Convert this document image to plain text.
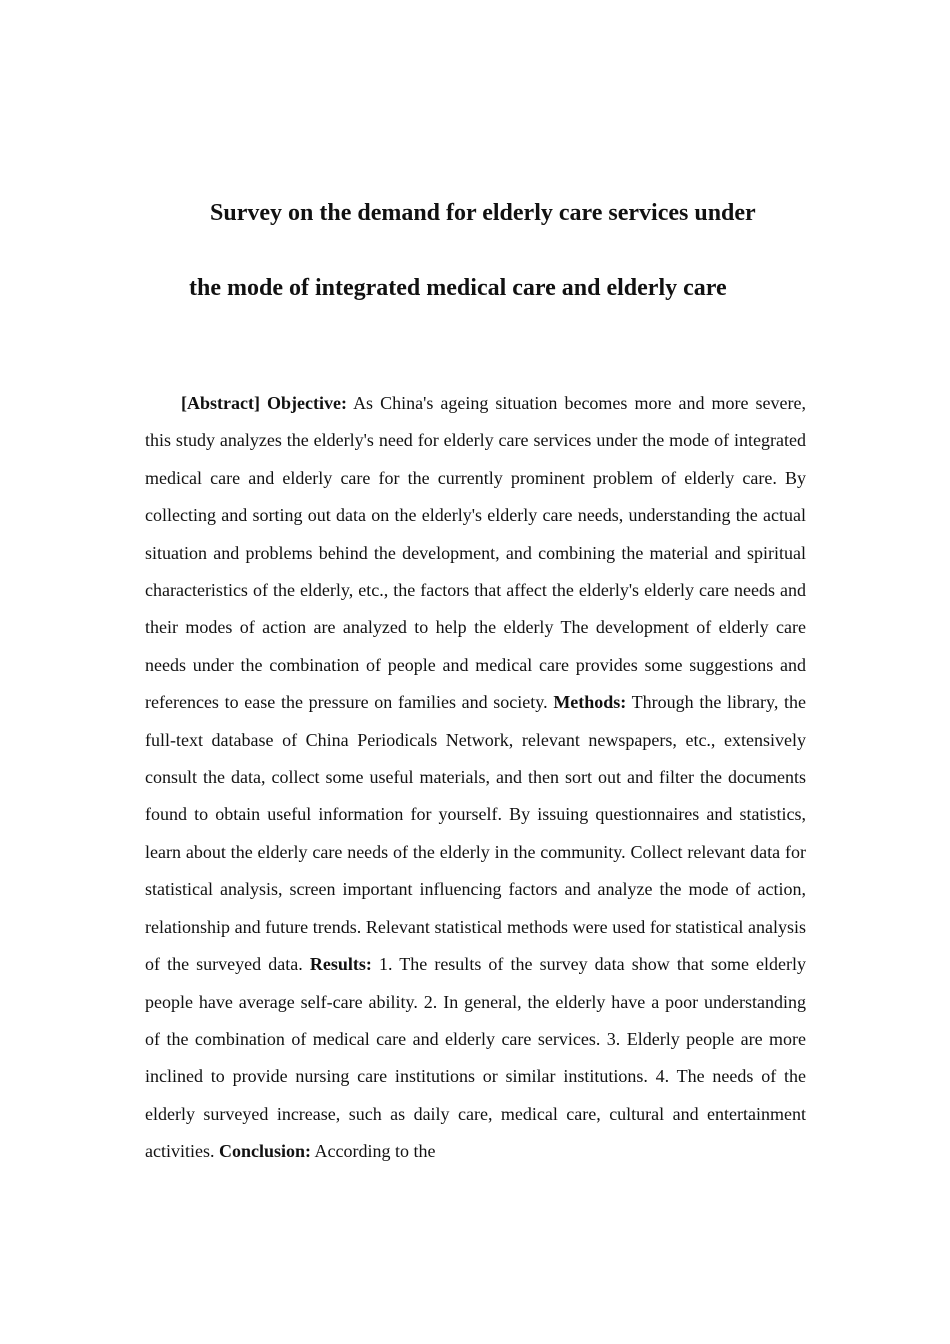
Survey on the demand for elderly care services under
the mode of integrated medical care and elderly care

[Abstract] Objective: As China's ageing situation becomes more and more severe, this study analyzes the elderly's need for elderly care services under the mode of integrated medical care and elderly care for the currently prominent problem of elderly care. By collecting and sorting out data on the elderly's elderly care needs, understanding the actual situation and problems behind the development, and combining the material and spiritual characteristics of the elderly, etc., the factors that affect the elderly's elderly care needs and their modes of action are analyzed to help the elderly The development of elderly care needs under the combination of people and medical care provides some suggestions and references to ease the pressure on families and society. Methods: Through the library, the full-text database of China Periodicals Network, relevant newspapers, etc., extensively consult the data, collect some useful materials, and then sort out and filter the documents found to obtain useful information for yourself. By issuing questionnaires and statistics, learn about the elderly care needs of the elderly in the community. Collect relevant data for statistical analysis, screen important influencing factors and analyze the mode of action, relationship and future trends. Relevant statistical methods were used for statistical analysis of the surveyed data. Results: 1. The results of the survey data show that some elderly people have average self-care ability. 2. In general, the elderly have a poor understanding of the combination of medical care and elderly care services. 3. Elderly people are more inclined to provide nursing care institutions or similar institutions. 4. The needs of the elderly surveyed increase, such as daily care, medical care, cultural and entertainment activities. Conclusion: According to the
